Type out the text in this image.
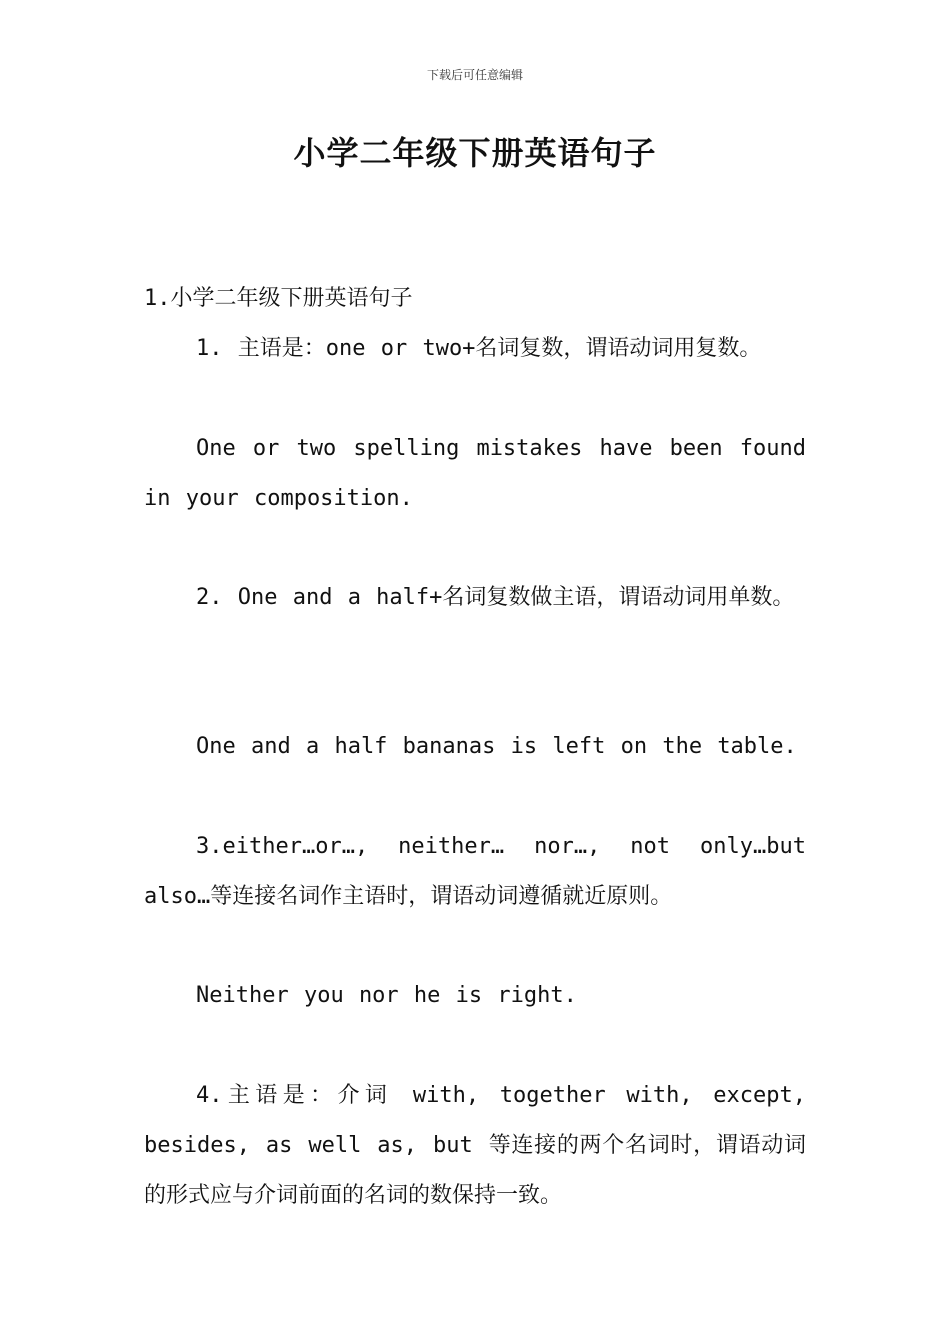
下载后可任意编辑
小学二年级下册英语句子
1.小学二年级下册英语句子
1. 主语是：one or two+名词复数，谓语动词用复数。
One or two spelling mistakes have been found in your composition.
2. One and a half+名词复数做主语，谓语动词用单数。
One and a half bananas is left on the table.
3.either…or…, neither… nor…, not only…but also…等连接名词作主语时，谓语动词遵循就近原则。
Neither you nor he is right.
4.主语是：介词 with, together with, except, besides, as well as, but 等连接的两个名词时，谓语动词的形式应与介词前面的名词的数保持一致。
